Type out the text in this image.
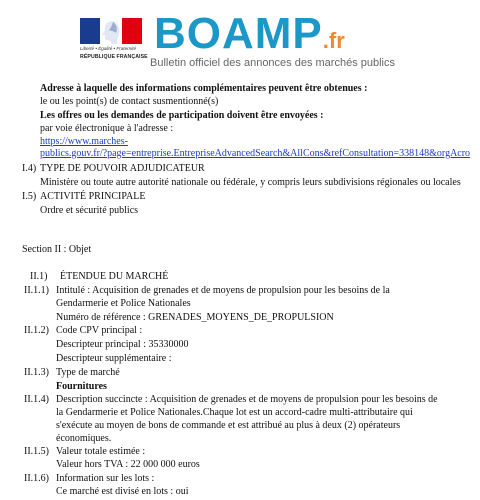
Liberté • Égalité • Fraternité
RÉPUBLIQUE FRANÇAISE BOAMP.fr
Bulletin officiel des annonces des marchés publics
Adresse à laquelle des informations complémentaires peuvent être obtenues :
le ou les point(s) de contact susmentionné(s)
Les offres ou les demandes de participation doivent être envoyées :
par voie électronique à l'adresse :
https://www.marches-
publics.gouv.fr/?page=entreprise.EntrepriseAdvancedSearch&AllCons&refConsultation=338148&orgAcro
I.4) TYPE DE POUVOIR ADJUDICATEUR
Ministère ou toute autre autorité nationale ou fédérale, y compris leurs subdivisions régionales ou locales
I.5) ACTIVITÉ PRINCIPALE
Ordre et sécurité publics
Section II : Objet
II.1) ÉTENDUE DU MARCHÉ
II.1.1) Intitulé : Acquisition de grenades et de moyens de propulsion pour les besoins de la
Gendarmerie et Police Nationales
Numéro de référence : GRENADES_MOYENS_DE_PROPULSION
II.1.2) Code CPV principal :
Descripteur principal : 35330000
Descripteur supplémentaire :
II.1.3) Type de marché
Fournitures
II.1.4) Description succincte : Acquisition de grenades et de moyens de propulsion pour les besoins de
la Gendarmerie et Police Nationales.Chaque lot est un accord-cadre multi-attributaire qui
s'exécute au moyen de bons de commande et est attribué au plus à deux (2) opérateurs
économiques.
II.1.5) Valeur totale estimée :
Valeur hors TVA : 22 000 000 euros
II.1.6) Information sur les lots :
Ce marché est divisé en lots : oui
